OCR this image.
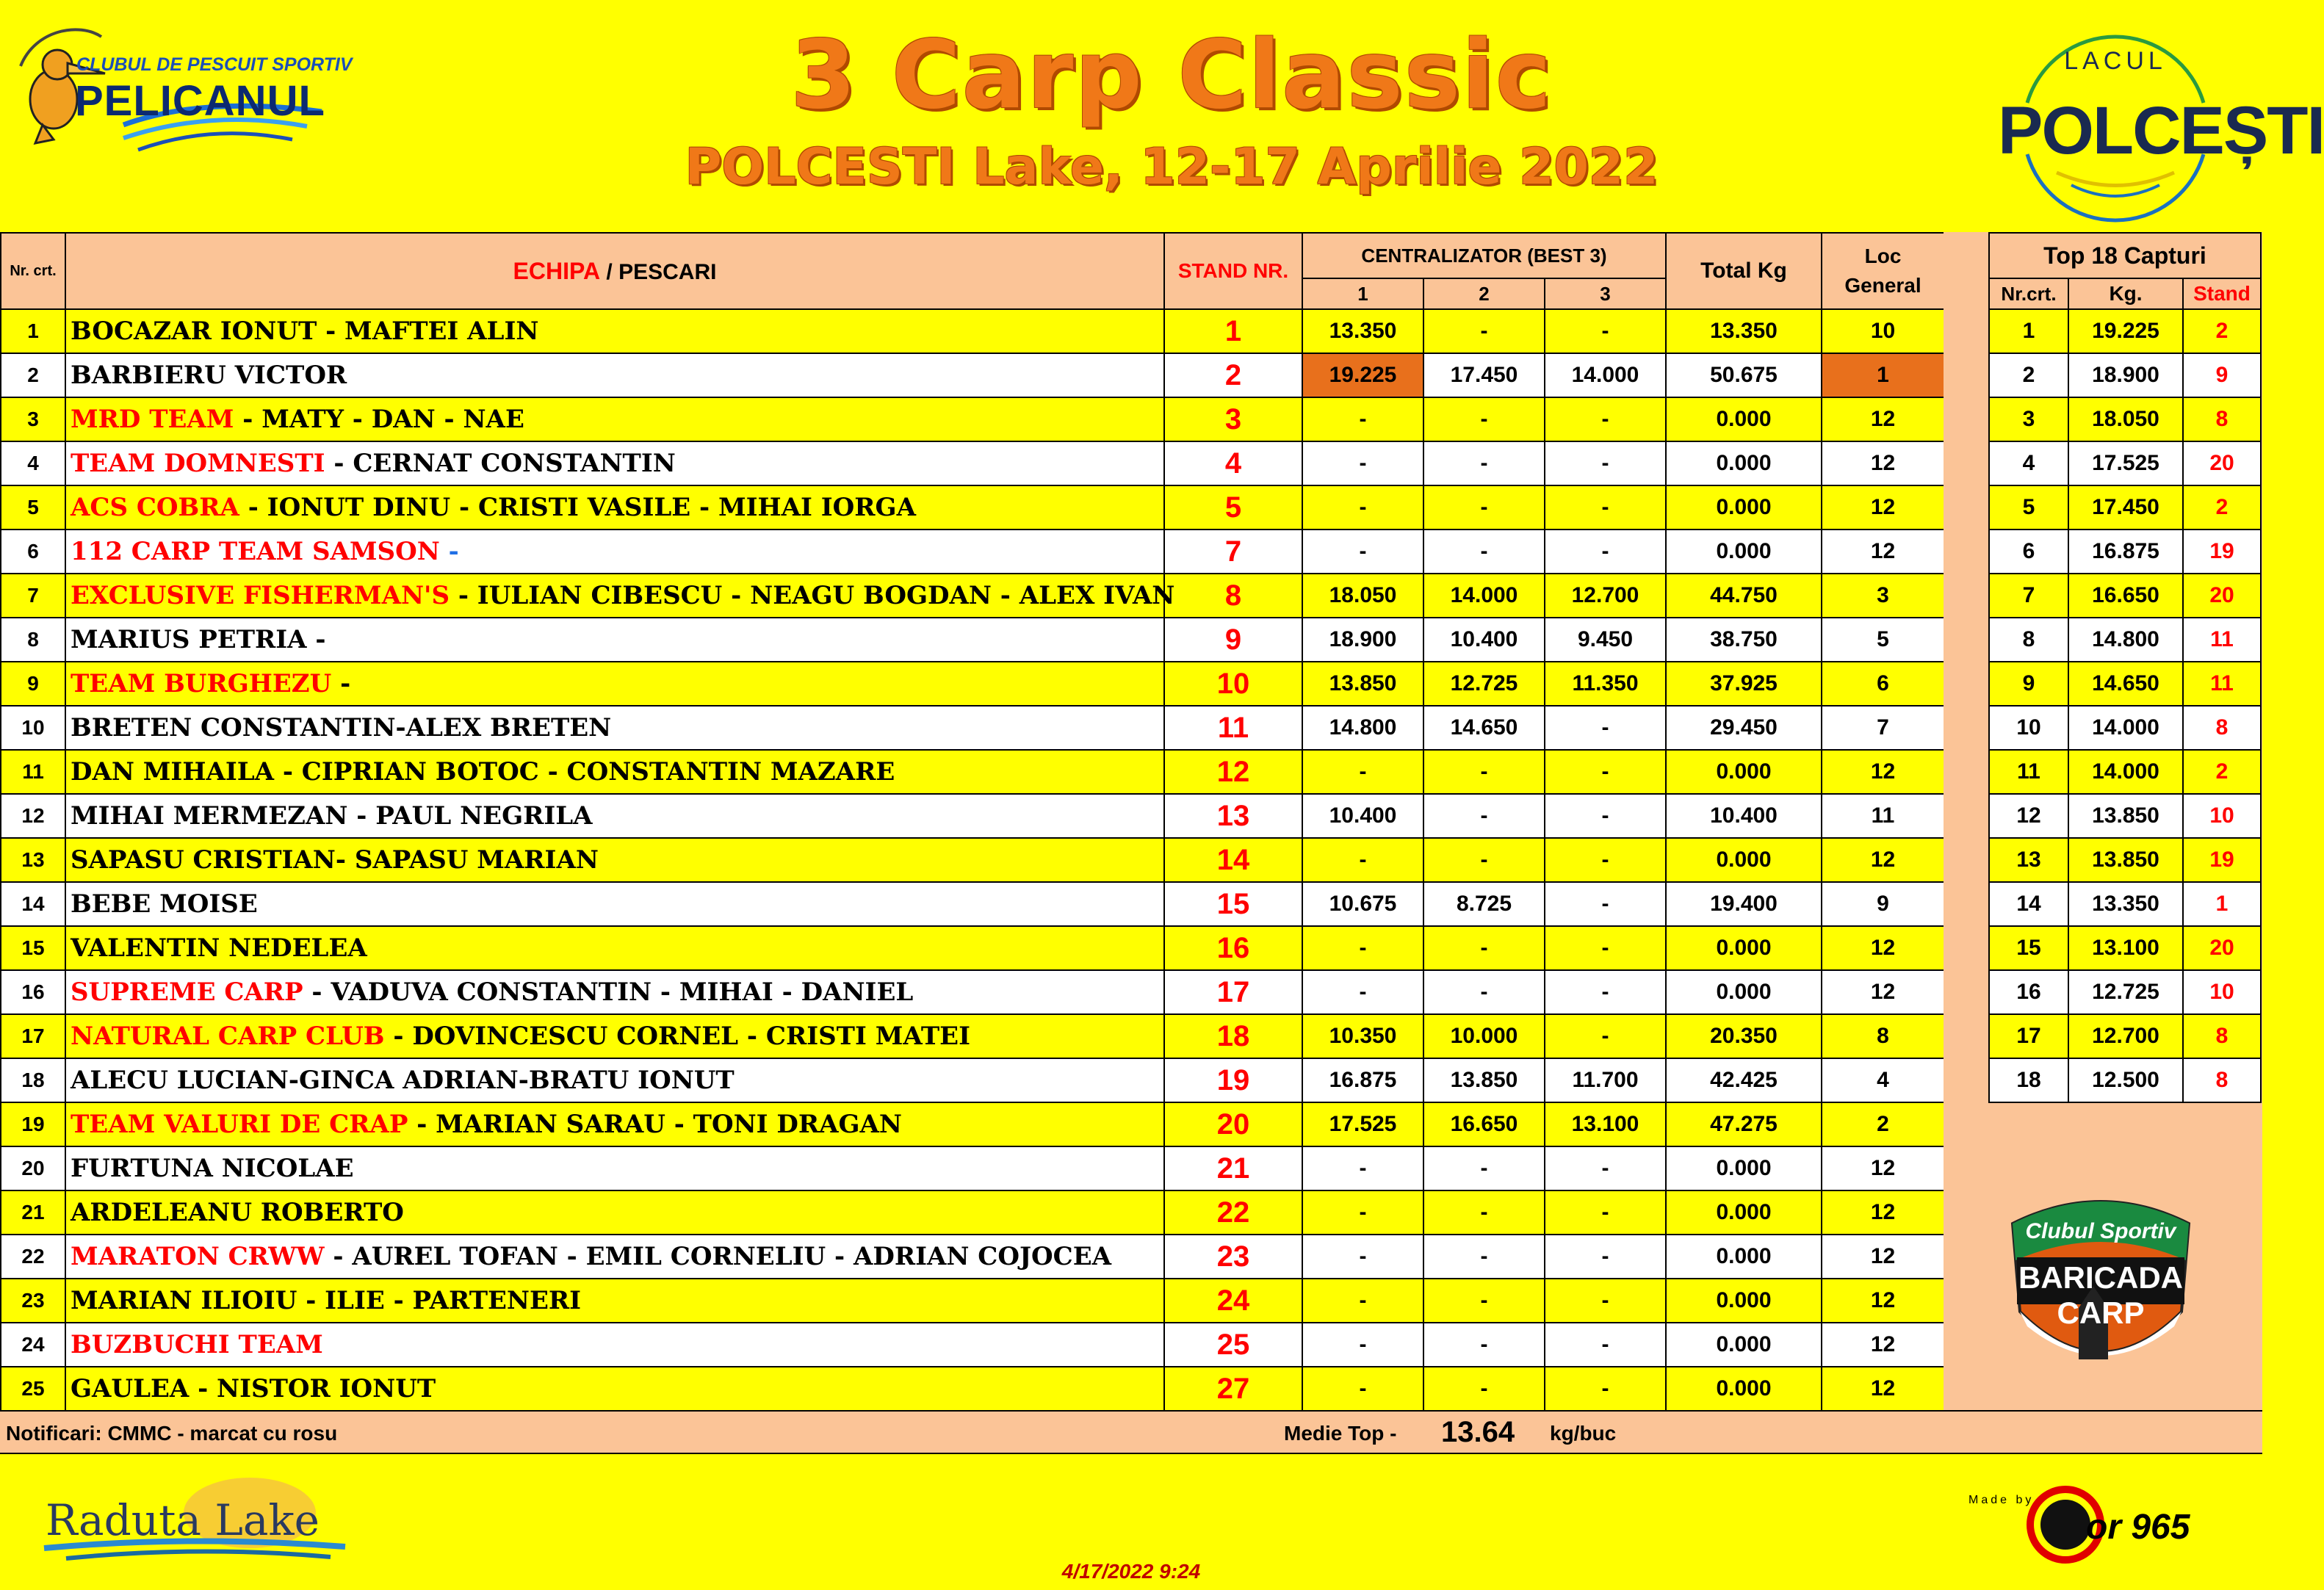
CLUBUL DE PESCUIT SPORTIV
PELICANUL	3 Carp Classic
POLCESTI Lake, 12-17 Aprilie 2022
LACUL
POLCEȘTI
Nr. crt.	ECHIPA / PESCARI	STAND NR.	CENTRALIZATOR (BEST 3)			Total Kg	Loc
General
			1	2	3		
1	BOCAZAR IONUT - MAFTEI ALIN	1	13.350	-	-	13.350	10
2	BARBIERU VICTOR	2	19.225	17.450	14.000	50.675	1
3	MRD TEAM - MATY - DAN - NAE	3	-	-	-	0.000	12
4	TEAM DOMNESTI - CERNAT CONSTANTIN	4	-	-	-	0.000	12
5	ACS COBRA - IONUT DINU - CRISTI VASILE - MIHAI IORGA	5	-	-	-	0.000	12
6	112 CARP TEAM SAMSON -	7	-	-	-	0.000	12
7	EXCLUSIVE FISHERMAN'S - IULIAN CIBESCU - NEAGU BOGDAN - ALEX IVAN	8	18.050	14.000	12.700	44.750	3
8	MARIUS PETRIA -	9	18.900	10.400	9.450	38.750	5
9	TEAM BURGHEZU -	10	13.850	12.725	11.350	37.925	6
10	BRETEN CONSTANTIN-ALEX BRETEN	11	14.800	14.650	-	29.450	7
11	DAN MIHAILA - CIPRIAN BOTOC - CONSTANTIN MAZARE	12	-	-	-	0.000	12
12	MIHAI MERMEZAN - PAUL NEGRILA	13	10.400	-	-	10.400	11
13	SAPASU CRISTIAN- SAPASU MARIAN	14	-	-	-	0.000	12
14	BEBE MOISE	15	10.675	8.725	-	19.400	9
15	VALENTIN NEDELEA	16	-	-	-	0.000	12
16	SUPREME CARP - VADUVA CONSTANTIN - MIHAI - DANIEL	17	-	-	-	0.000	12
17	NATURAL CARP CLUB - DOVINCESCU CORNEL - CRISTI MATEI	18	10.350	10.000	-	20.350	8
18	ALECU LUCIAN-GINCA ADRIAN-BRATU IONUT	19	16.875	13.850	11.700	42.425	4
19	TEAM VALURI DE CRAP - MARIAN SARAU - TONI DRAGAN	20	17.525	16.650	13.100	47.275	2
20	FURTUNA NICOLAE	21	-	-	-	0.000	12
21	ARDELEANU ROBERTO	22	-	-	-	0.000	12
22	MARATON CRWW - AUREL TOFAN - EMIL CORNELIU - ADRIAN COJOCEA	23	-	-	-	0.000	12
23	MARIAN ILIOIU - ILIE - PARTENERI	24	-	-	-	0.000	12
24	BUZBUCHI TEAM	25	-	-	-	0.000	12
25	GAULEA - NISTOR IONUT	27	-	-	-	0.000	12
Top 18 Capturi		
Nr.crt.	Kg.	Stand
1	19.225	2
2	18.900	9
3	18.050	8
4	17.525	20
5	17.450	2
6	16.875	19
7	16.650	20
8	14.800	11
9	14.650	11
10	14.000	8
11	14.000	2
12	13.850	10
13	13.850	19
14	13.350	1
15	13.100	20
16	12.725	10
17	12.700	8
18	12.500	8
Clubul Sportiv
BARICADA CARP
Notificari: CMMC - marcat cu rosu	Medie Top - 13.64 kg/buc
Raduta Lake	Made by
or 965
4/17/2022 9:24
